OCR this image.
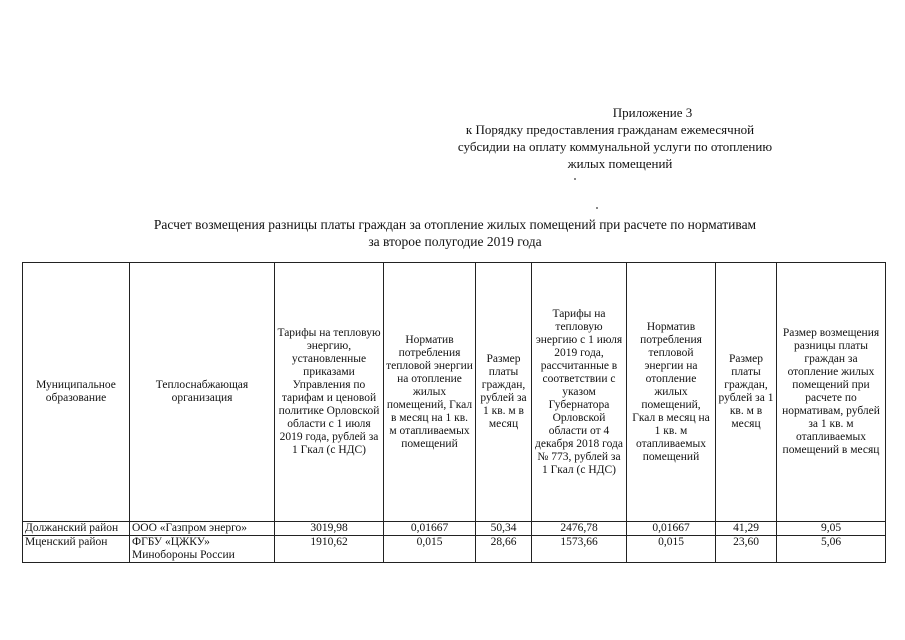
Приложение 3
к Порядку предоставления гражданам ежемесячной
субсидии на оплату коммунальной услуги по отоплению
жилых помещений
Расчет возмещения разницы платы граждан за отопление жилых помещений при расчете по нормативам
за второе полугодие 2019 года
Муниципальное образование	Теплоснабжающая организация	Тарифы на тепловую энергию, установленные приказами Управления по тарифам и ценовой политике Орловской области с 1 июля 2019 года, рублей за 1 Гкал (с НДС)	Норматив потребления тепловой энергии на отопление жилых помещений, Гкал в месяц на 1 кв. м отапливаемых помещений	Размер платы граждан, рублей за 1 кв. м в месяц	Тарифы на тепловую энергию с 1 июля 2019 года, рассчитанные в соответствии с указом Губернатора Орловской области от 4 декабря 2018 года № 773, рублей за 1 Гкал (с НДС)	Норматив потребления тепловой энергии на отопление жилых помещений, Гкал в месяц на 1 кв. м отапливаемых помещений	Размер платы граждан, рублей за 1 кв. м в месяц	Размер возмещения разницы платы граждан за отопление жилых помещений при расчете по нормативам, рублей за 1 кв. м отапливаемых помещений в месяц
Должанский район	ООО «Газпром энерго»	3019,98	0,01667	50,34	2476,78	0,01667	41,29	9,05
Мценский район	ФГБУ «ЦЖКУ» Минобороны России	1910,62	0,015	28,66	1573,66	0,015	23,60	5,06
